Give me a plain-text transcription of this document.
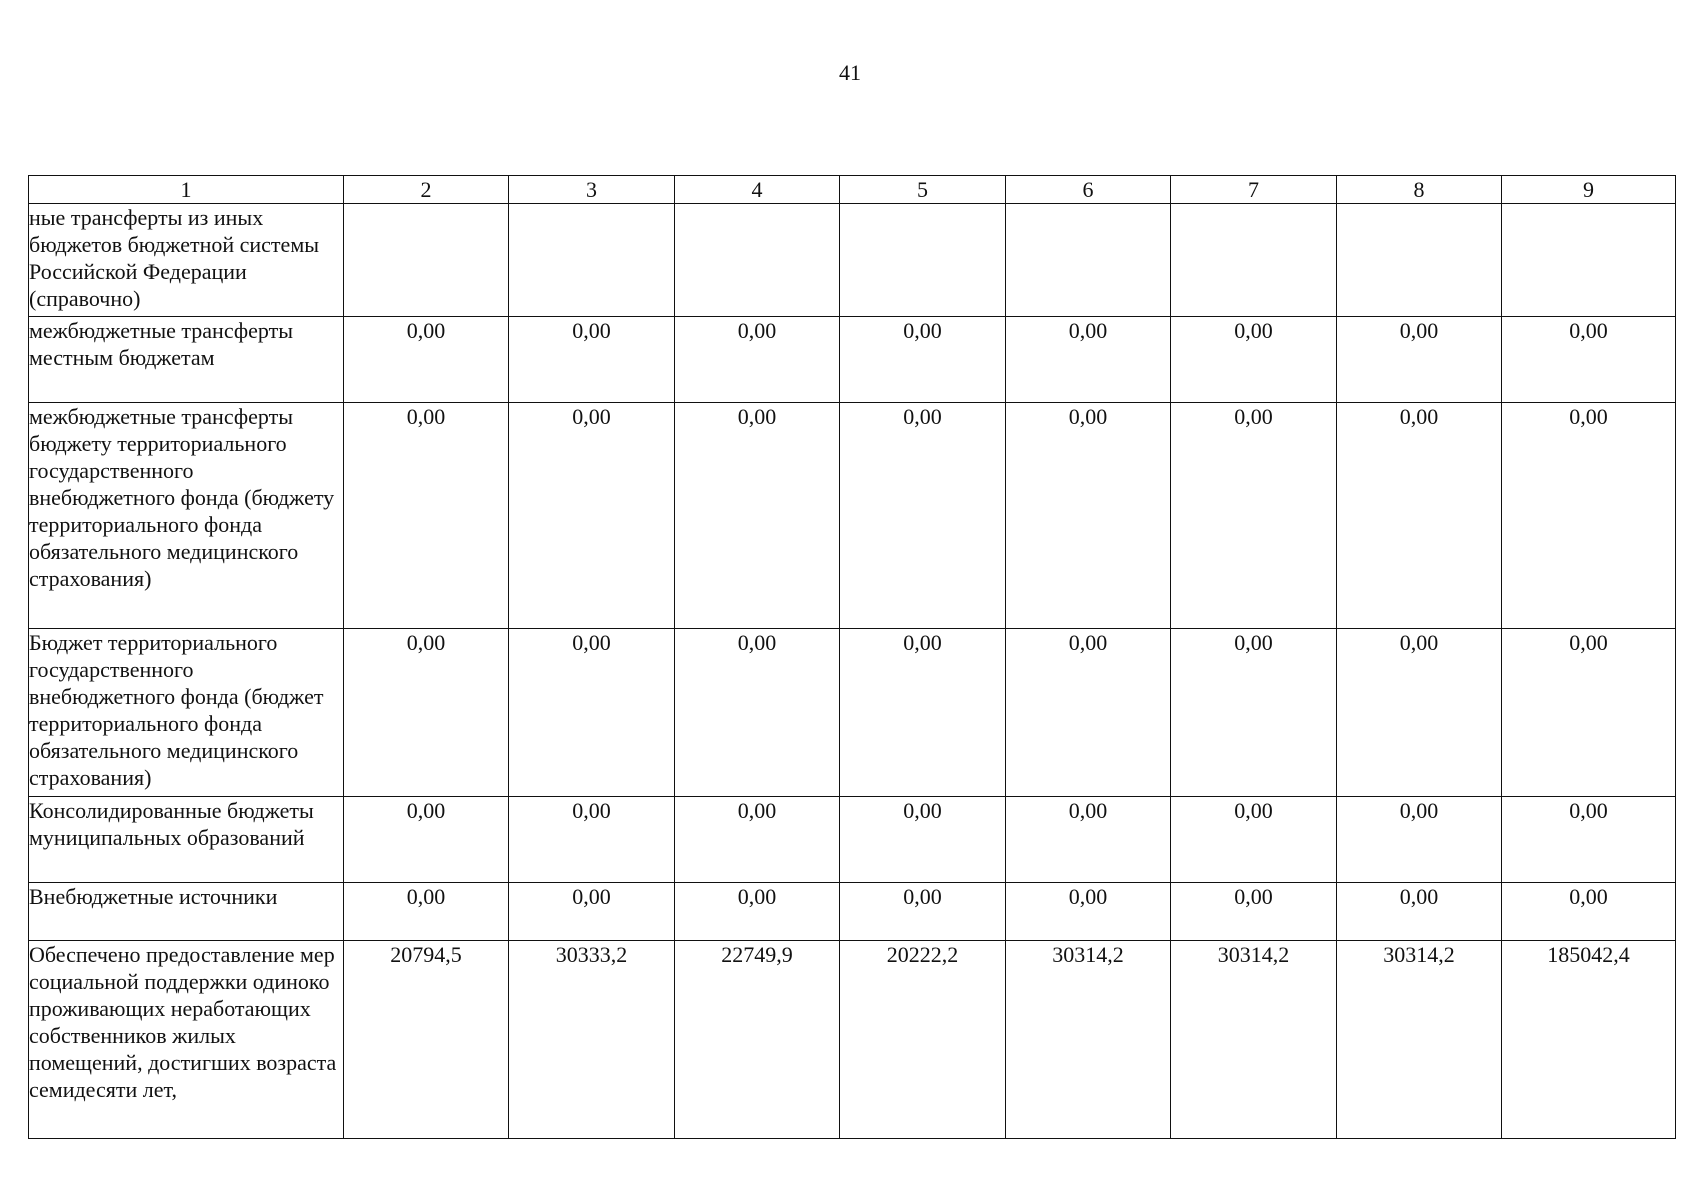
41
1	2	3	4	5	6	7	8	9
ные трансферты из иных бюджетов бюджетной системы Российской Федерации (справочно)								
межбюджетные трансферты местным бюджетам	0,00	0,00	0,00	0,00	0,00	0,00	0,00	0,00
межбюджетные трансферты бюджету территориального государственного внебюджетного фонда (бюджету территориального фонда обязательного медицинского страхования)	0,00	0,00	0,00	0,00	0,00	0,00	0,00	0,00
Бюджет территориального государственного внебюджетного фонда (бюджет территориального фонда обязательного медицинского страхования)	0,00	0,00	0,00	0,00	0,00	0,00	0,00	0,00
Консолидированные бюджеты муниципальных образований	0,00	0,00	0,00	0,00	0,00	0,00	0,00	0,00
Внебюджетные источники	0,00	0,00	0,00	0,00	0,00	0,00	0,00	0,00
Обеспечено предоставление мер социальной поддержки одиноко проживающих неработающих собственников жилых помещений, достигших возраста семидесяти лет,	20794,5	30333,2	22749,9	20222,2	30314,2	30314,2	30314,2	185042,4
